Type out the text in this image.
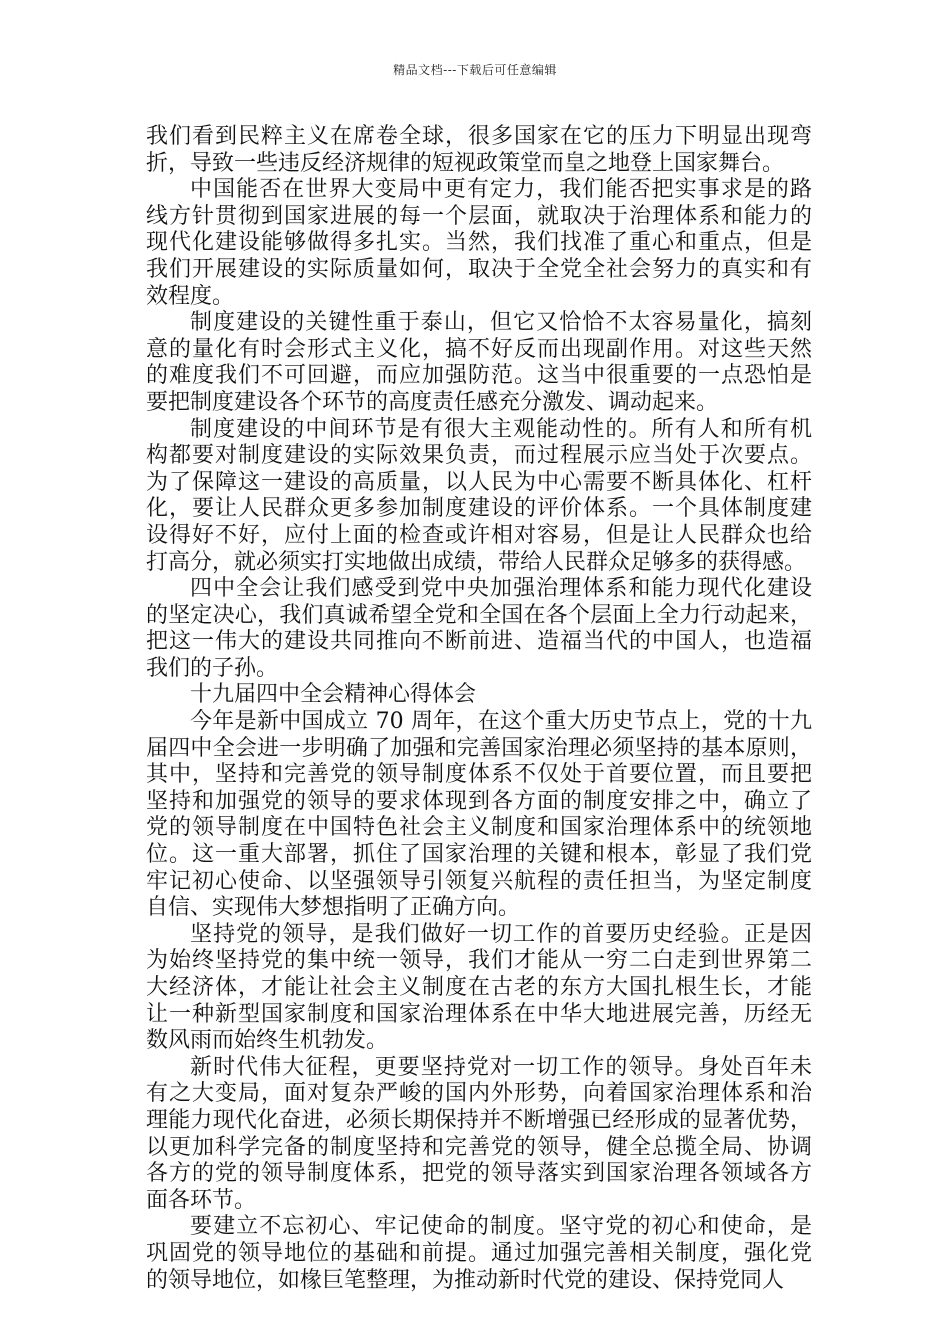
精品文档---下载后可任意编辑
我们看到民粹主义在席卷全球，很多国家在它的压力下明显出现弯
折，导致一些违反经济规律的短视政策堂而皇之地登上国家舞台。
中国能否在世界大变局中更有定力，我们能否把实事求是的路
线方针贯彻到国家进展的每一个层面，就取决于治理体系和能力的
现代化建设能够做得多扎实。当然，我们找准了重心和重点，但是
我们开展建设的实际质量如何，取决于全党全社会努力的真实和有
效程度。
制度建设的关键性重于泰山，但它又恰恰不太容易量化，搞刻
意的量化有时会形式主义化，搞不好反而出现副作用。对这些天然
的难度我们不可回避，而应加强防范。这当中很重要的一点恐怕是
要把制度建设各个环节的高度责任感充分激发、调动起来。
制度建设的中间环节是有很大主观能动性的。所有人和所有机
构都要对制度建设的实际效果负责，而过程展示应当处于次要点。
为了保障这一建设的高质量，以人民为中心需要不断具体化、杠杆
化，要让人民群众更多参加制度建设的评价体系。一个具体制度建
设得好不好，应付上面的检查或许相对容易，但是让人民群众也给
打高分，就必须实打实地做出成绩，带给人民群众足够多的获得感。
四中全会让我们感受到党中央加强治理体系和能力现代化建设
的坚定决心，我们真诚希望全党和全国在各个层面上全力行动起来，
把这一伟大的建设共同推向不断前进、造福当代的中国人，也造福
我们的子孙。
十九届四中全会精神心得体会
今年是新中国成立 70 周年，在这个重大历史节点上，党的十九
届四中全会进一步明确了加强和完善国家治理必须坚持的基本原则，
其中，坚持和完善党的领导制度体系不仅处于首要位置，而且要把
坚持和加强党的领导的要求体现到各方面的制度安排之中，确立了
党的领导制度在中国特色社会主义制度和国家治理体系中的统领地
位。这一重大部署，抓住了国家治理的关键和根本，彰显了我们党
牢记初心使命、以坚强领导引领复兴航程的责任担当，为坚定制度
自信、实现伟大梦想指明了正确方向。
坚持党的领导，是我们做好一切工作的首要历史经验。正是因
为始终坚持党的集中统一领导，我们才能从一穷二白走到世界第二
大经济体，才能让社会主义制度在古老的东方大国扎根生长，才能
让一种新型国家制度和国家治理体系在中华大地进展完善，历经无
数风雨而始终生机勃发。
新时代伟大征程，更要坚持党对一切工作的领导。身处百年未
有之大变局，面对复杂严峻的国内外形势，向着国家治理体系和治
理能力现代化奋进，必须长期保持并不断增强已经形成的显著优势，
以更加科学完备的制度坚持和完善党的领导，健全总揽全局、协调
各方的党的领导制度体系，把党的领导落实到国家治理各领域各方
面各环节。
要建立不忘初心、牢记使命的制度。坚守党的初心和使命，是
巩固党的领导地位的基础和前提。通过加强完善相关制度，强化党
的领导地位，如椽巨笔整理，为推动新时代党的建设、保持党同人
